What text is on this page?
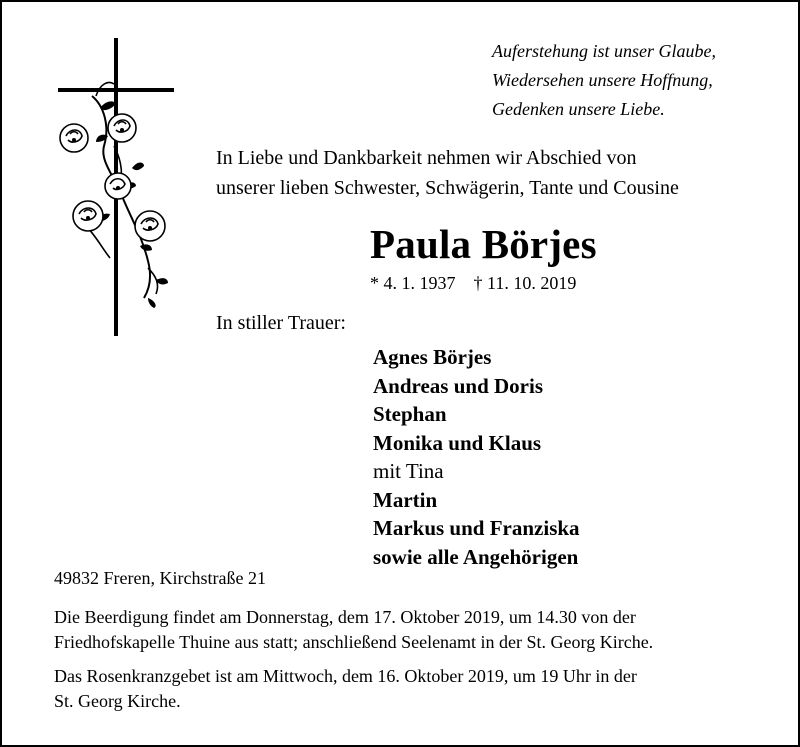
Auferstehung ist unser Glaube,
Wiedersehen unsere Hoffnung,
Gedenken unsere Liebe.
In Liebe und Dankbarkeit nehmen wir Abschied von
unserer lieben Schwester, Schwägerin, Tante und Cousine
Paula Börjes
* 4. 1. 1937 † 11. 10. 2019
In stiller Trauer:
Agnes Börjes
Andreas und Doris
Stephan
Monika und Klaus
mit Tina
Martin
Markus und Franziska
sowie alle Angehörigen
49832 Freren, Kirchstraße 21
Die Beerdigung findet am Donnerstag, dem 17. Oktober 2019, um 14.30 von der
Friedhofskapelle Thuine aus statt; anschließend Seelenamt in der St. Georg Kirche.
Das Rosenkranzgebet ist am Mittwoch, dem 16. Oktober 2019, um 19 Uhr in der
St. Georg Kirche.
